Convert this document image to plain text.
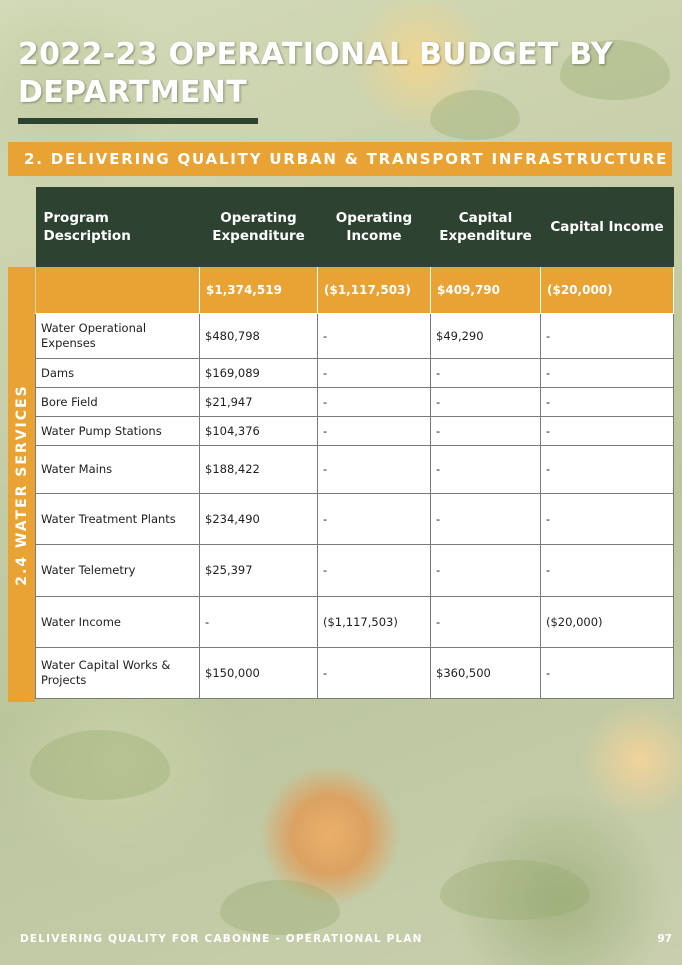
2022-23 OPERATIONAL BUDGET BY DEPARTMENT
2. DELIVERING QUALITY URBAN & TRANSPORT INFRASTRUCTURE
2.4 WATER SERVICES
Program Description	Operating Expenditure	Operating Income	Capital Expenditure	Capital Income
	$1,374,519	($1,117,503)	$409,790	($20,000)
Water Operational Expenses	$480,798	-	$49,290	-
Dams	$169,089	-	-	-
Bore Field	$21,947	-	-	-
Water Pump Stations	$104,376	-	-	-
Water Mains	$188,422	-	-	-
Water Treatment Plants	$234,490	-	-	-
Water Telemetry	$25,397	-	-	-
Water Income	-	($1,117,503)	-	($20,000)
Water Capital Works & Projects	$150,000	-	$360,500	-
DELIVERING QUALITY FOR CABONNE - OPERATIONAL PLAN	97
